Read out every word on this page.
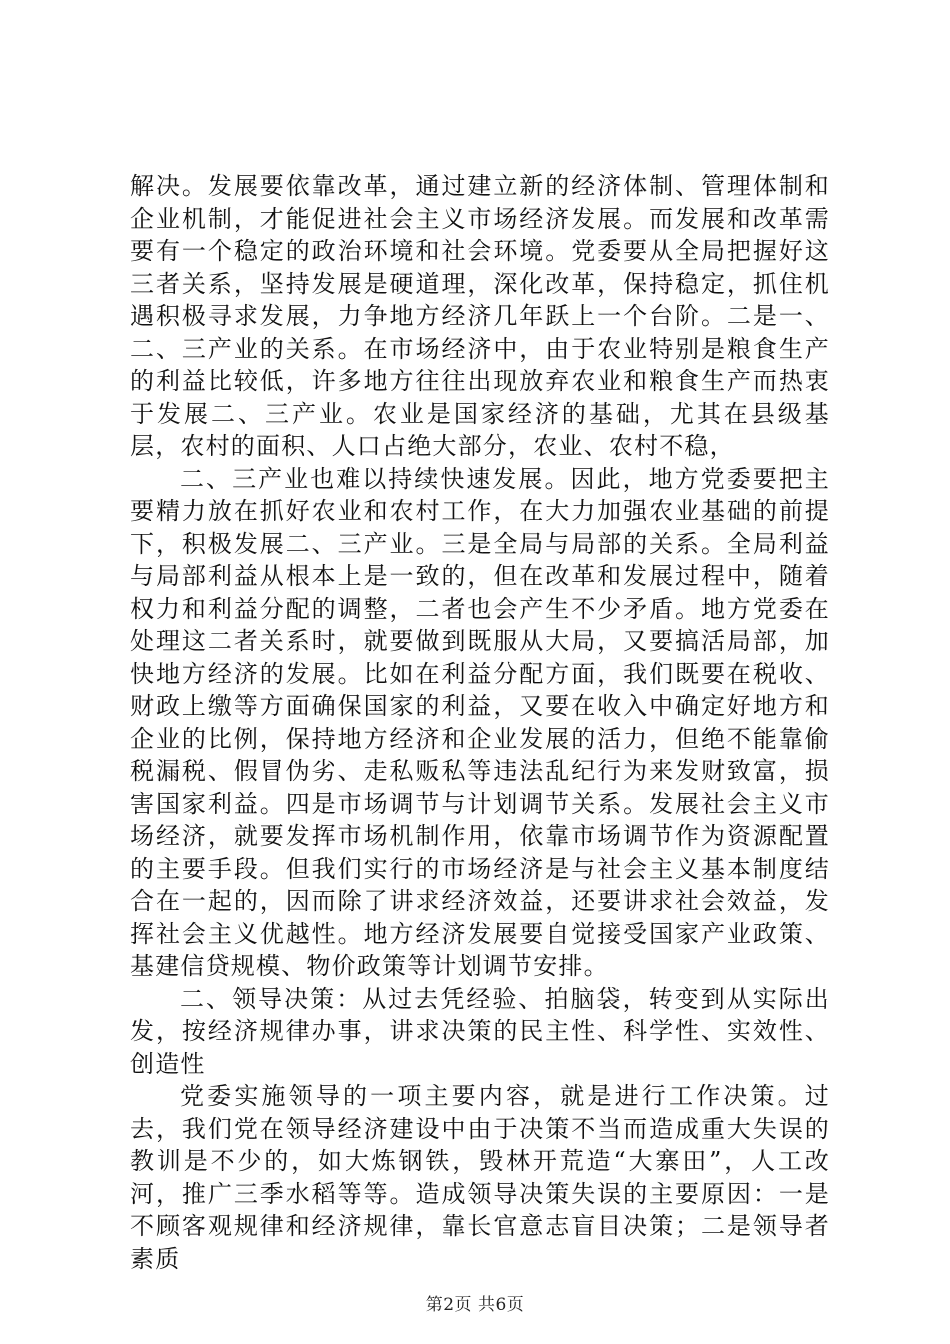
解决。发展要依靠改革，通过建立新的经济体制、管理体制和企业机制，才能促进社会主义市场经济发展。而发展和改革需要有一个稳定的政治环境和社会环境。党委要从全局把握好这三者关系，坚持发展是硬道理，深化改革，保持稳定，抓住机遇积极寻求发展，力争地方经济几年跃上一个台阶。二是一、二、三产业的关系。在市场经济中，由于农业特别是粮食生产的利益比较低，许多地方往往出现放弃农业和粮食生产而热衷于发展二、三产业。农业是国家经济的基础，尤其在县级基层，农村的面积、人口占绝大部分，农业、农村不稳，

二、三产业也难以持续快速发展。因此，地方党委要把主要精力放在抓好农业和农村工作，在大力加强农业基础的前提下，积极发展二、三产业。三是全局与局部的关系。全局利益与局部利益从根本上是一致的，但在改革和发展过程中，随着权力和利益分配的调整，二者也会产生不少矛盾。地方党委在处理这二者关系时，就要做到既服从大局，又要搞活局部，加快地方经济的发展。比如在利益分配方面，我们既要在税收、财政上缴等方面确保国家的利益，又要在收入中确定好地方和企业的比例，保持地方经济和企业发展的活力，但绝不能靠偷税漏税、假冒伪劣、走私贩私等违法乱纪行为来发财致富，损害国家利益。四是市场调节与计划调节关系。发展社会主义市场经济，就要发挥市场机制作用，依靠市场调节作为资源配置的主要手段。但我们实行的市场经济是与社会主义基本制度结合在一起的，因而除了讲求经济效益，还要讲求社会效益，发挥社会主义优越性。地方经济发展要自觉接受国家产业政策、基建信贷规模、物价政策等计划调节安排。

二、领导决策：从过去凭经验、拍脑袋，转变到从实际出发，按经济规律办事，讲求决策的民主性、科学性、实效性、创造性

党委实施领导的一项主要内容，就是进行工作决策。过去，我们党在领导经济建设中由于决策不当而造成重大失误的教训是不少的，如大炼钢铁，毁林开荒造“大寨田”，人工改河，推广三季水稻等等。造成领导决策失误的主要原因：一是不顾客观规律和经济规律，靠长官意志盲目决策；二是领导者素质

第2页 共6页
